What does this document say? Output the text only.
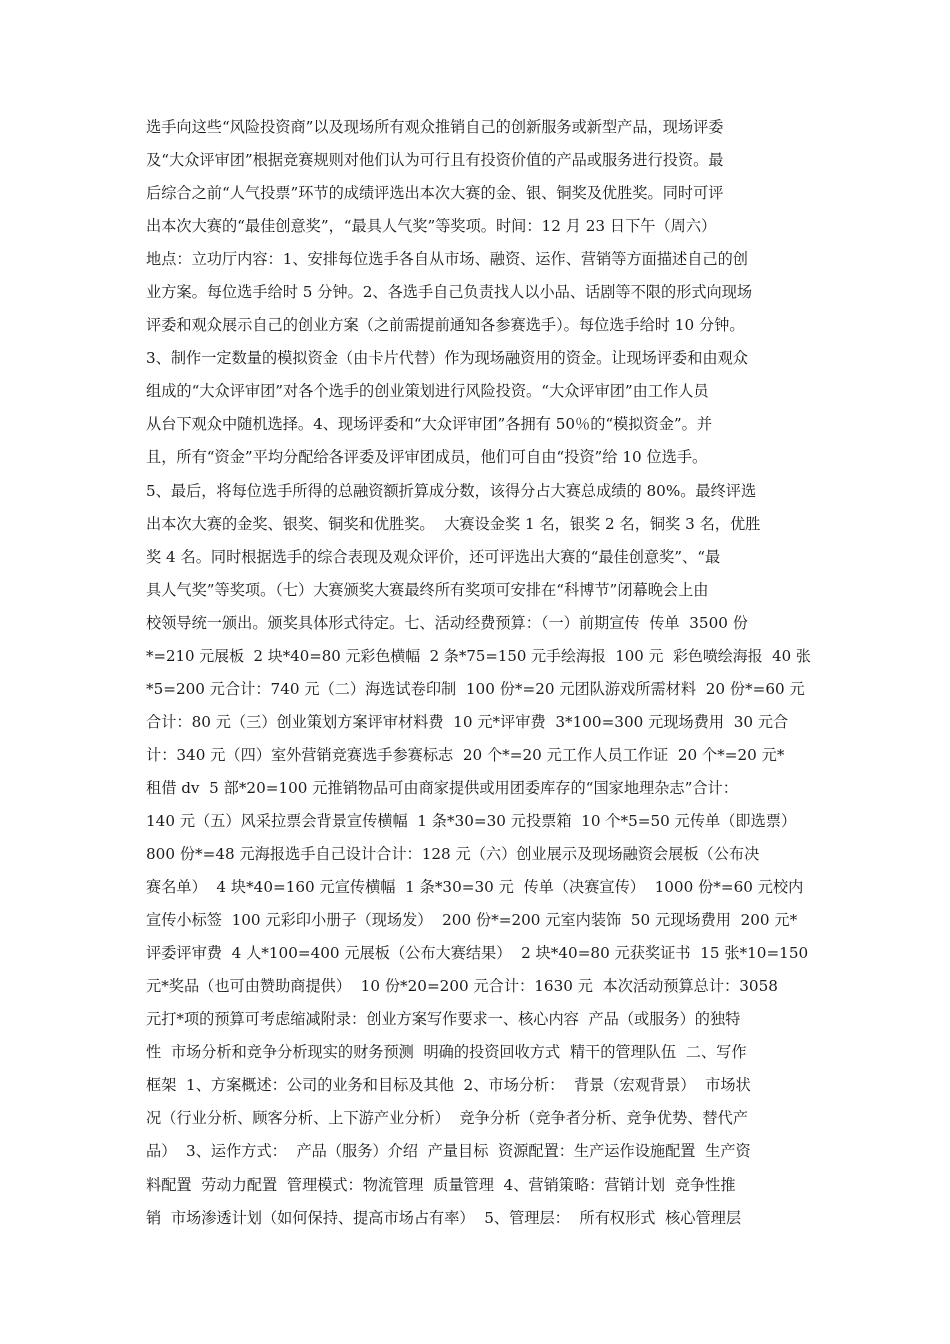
选手向这些“风险投资商”以及现场所有观众推销自己的创新服务或新型产品，现场评委
及“大众评审团”根据竞赛规则对他们认为可行且有投资价值的产品或服务进行投资。最
后综合之前“人气投票”环节的成绩评选出本次大赛的金、银、铜奖及优胜奖。同时可评
出本次大赛的“最佳创意奖”，“最具人气奖”等奖项。时间：12 月 23 日下午（周六）
地点：立功厅内容：1、安排每位选手各自从市场、融资、运作、营销等方面描述自己的创
业方案。每位选手给时 5 分钟。2、各选手自己负责找人以小品、话剧等不限的形式向现场
评委和观众展示自己的创业方案（之前需提前通知各参赛选手）。每位选手给时 10 分钟。
3、制作一定数量的模拟资金（由卡片代替）作为现场融资用的资金。让现场评委和由观众
组成的“大众评审团”对各个选手的创业策划进行风险投资。“大众评审团”由工作人员
从台下观众中随机选择。4、现场评委和“大众评审团”各拥有 50％的“模拟资金”。并
且，所有“资金”平均分配给各评委及评审团成员，他们可自由“投资”给 10 位选手。
5、最后，将每位选手所得的总融资额折算成分数，该得分占大赛总成绩的 80%。最终评选
出本次大赛的金奖、银奖、铜奖和优胜奖。  大赛设金奖 1 名，银奖 2 名，铜奖 3 名，优胜
奖 4 名。同时根据选手的综合表现及观众评价，还可评选出大赛的“最佳创意奖”、“最
具人气奖”等奖项。（七）大赛颁奖大赛最终所有奖项可安排在“科博节”闭幕晚会上由
校领导统一颁出。颁奖具体形式待定。七、活动经费预算：（一）前期宣传  传单  3500 份
*=210 元展板  2 块*40=80 元彩色横幅  2 条*75=150 元手绘海报  100 元  彩色喷绘海报  40 张
*5=200 元合计：740 元（二）海选试卷印制  100 份*=20 元团队游戏所需材料  20 份*=60 元
合计：80 元（三）创业策划方案评审材料费  10 元*评审费  3*100=300 元现场费用  30 元合
计：340 元（四）室外营销竞赛选手参赛标志  20 个*=20 元工作人员工作证  20 个*=20 元*
租借 dv  5 部*20=100 元推销物品可由商家提供或用团委库存的“国家地理杂志”合计：
140 元（五）风采拉票会背景宣传横幅  1 条*30=30 元投票箱  10 个*5=50 元传单（即选票）
800 份*=48 元海报选手自己设计合计：128 元（六）创业展示及现场融资会展板（公布决
赛名单）  4 块*40=160 元宣传横幅  1 条*30=30 元  传单（决赛宣传）  1000 份*=60 元校内
宣传小标签  100 元彩印小册子（现场发）  200 份*=200 元室内装饰  50 元现场费用  200 元*
评委评审费  4 人*100=400 元展板（公布大赛结果）  2 块*40=80 元获奖证书  15 张*10=150
元*奖品（也可由赞助商提供）  10 份*20=200 元合计：1630 元  本次活动预算总计：3058
元打*项的预算可考虑缩减附录：创业方案写作要求一、核心内容  产品（或服务）的独特
性  市场分析和竞争分析现实的财务预测  明确的投资回收方式  精干的管理队伍  二、写作
框架  1、方案概述：公司的业务和目标及其他  2、市场分析：  背景（宏观背景）  市场状
况（行业分析、顾客分析、上下游产业分析）  竞争分析（竞争者分析、竞争优势、替代产
品）  3、运作方式：  产品（服务）介绍  产量目标  资源配置：生产运作设施配置  生产资
料配置  劳动力配置  管理模式：物流管理  质量管理  4、营销策略：营销计划  竞争性推
销  市场渗透计划（如何保持、提高市场占有率）  5、管理层：  所有权形式  核心管理层
